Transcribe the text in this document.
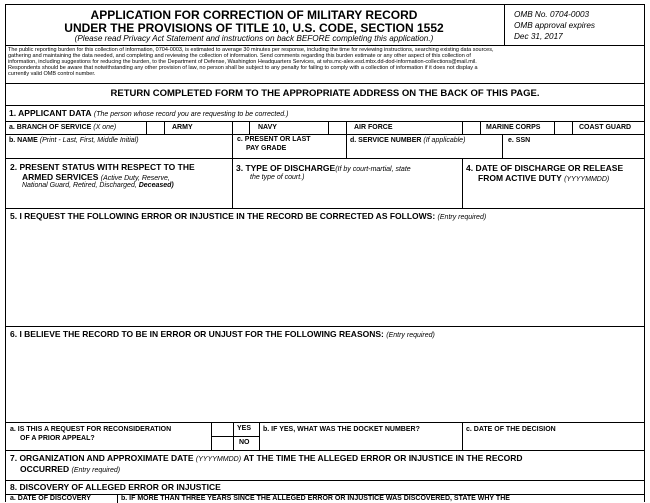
APPLICATION FOR CORRECTION OF MILITARY RECORD
UNDER THE PROVISIONS OF TITLE 10, U.S. CODE, SECTION 1552
(Please read Privacy Act Statement and instructions on back BEFORE completing this application.)
OMB No. 0704-0003
OMB approval expires
Dec 31, 2017
The public reporting burden for this collection of information, 0704-0003, is estimated to average 30 minutes per response, including the time for reviewing instructions, searching existing data sources,
gathering and maintaining the data needed, and completing and reviewing the collection of information. Send comments regarding this burden estimate or any other aspect of this collection of
information, including suggestions for reducing the burden, to the Department of Defense, Washington Headquarters Services, at whs.mc-alex.esd.mbx.dd-dod-information-collections@mail.mil.
Respondents should be aware that notwithstanding any other provision of law, no person shall be subject to any penalty for failing to comply with a collection of information if it does not display a
currently valid OMB control number.
RETURN COMPLETED FORM TO THE APPROPRIATE ADDRESS ON THE BACK OF THIS PAGE.
1. APPLICANT DATA (The person whose record you are requesting to be corrected.)
a. BRANCH OF SERVICE (X one)	ARMY	NAVY	AIR FORCE	MARINE CORPS	COAST GUARD
b. NAME (Print - Last, First, Middle Initial)	c. PRESENT OR LAST
PAY GRADE
d. SERVICE NUMBER (If applicable)	e. SSN
2. PRESENT STATUS WITH RESPECT TO THE
ARMED SERVICES (Active Duty, Reserve,
National Guard, Retired, Discharged, Deceased)
3. TYPE OF DISCHARGE(If by court-martial, state
the type of court.)
4. DATE OF DISCHARGE OR RELEASE
FROM ACTIVE DUTY (YYYYMMDD)
5. I REQUEST THE FOLLOWING ERROR OR INJUSTICE IN THE RECORD BE CORRECTED AS FOLLOWS: (Entry required)
6. I BELIEVE THE RECORD TO BE IN ERROR OR UNJUST FOR THE FOLLOWING REASONS: (Entry required)
a. IS THIS A REQUEST FOR RECONSIDERATION
OF A PRIOR APPEAL?
YES
NO
b. IF YES, WHAT WAS THE DOCKET NUMBER?	c. DATE OF THE DECISION
7. ORGANIZATION AND APPROXIMATE DATE (YYYYMMDD) AT THE TIME THE ALLEGED ERROR OR INJUSTICE IN THE RECORD
OCCURRED (Entry required)
8. DISCOVERY OF ALLEGED ERROR OR INJUSTICE
a. DATE OF DISCOVERY	b. IF MORE THAN THREE YEARS SINCE THE ALLEGED ERROR OR INJUSTICE WAS DISCOVERED, STATE WHY THE
